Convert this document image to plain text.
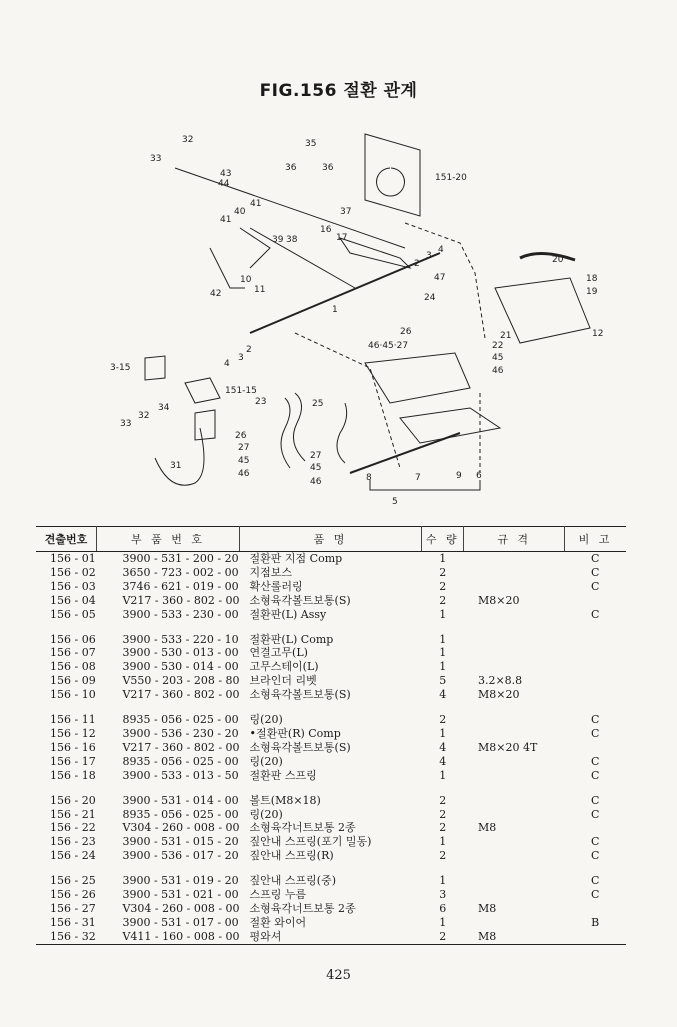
FIG.156 절환 관계
32
33
35
36	36
43
44
151-20
37
40
41
41
39 38
16
17
2
3
4
47
20
18
19
42
10
11
1
24
12
26	21
22
46·45·27
45
46
4
3
2
3-15
151-15
34
32
33
23	25
26
27
45
46
27
45
46
31
8	7	9 6
5
견출번호	부 품 번 호	품 명	수 량	규 격	비 고
156 - 01	3900 - 531 - 200 - 20	절환판 지점 Comp	1		C
156 - 02	3650 - 723 - 002 - 00	지점보스	2		C
156 - 03	3746 - 621 - 019 - 00	확산롤러링	2		C
156 - 04	V217 - 360 - 802 - 00	소형육각볼트보통(S)	2	M8×20	
156 - 05	3900 - 533 - 230 - 00	절환판(L) Assy	1		C

156 - 06	3900 - 533 - 220 - 10	절환판(L) Comp	1		
156 - 07	3900 - 530 - 013 - 00	연결고무(L)	1		
156 - 08	3900 - 530 - 014 - 00	고무스테이(L)	1		
156 - 09	V550 - 203 - 208 - 80	브라인더 리벳	5	3.2×8.8	
156 - 10	V217 - 360 - 802 - 00	소형육각볼트보통(S)	4	M8×20	

156 - 11	8935 - 056 - 025 - 00	링(20)	2		C
156 - 12	3900 - 536 - 230 - 20	•절환판(R) Comp	1		C
156 - 16	V217 - 360 - 802 - 00	소형육각볼트보통(S)	4	M8×20 4T	
156 - 17	8935 - 056 - 025 - 00	링(20)	4		C
156 - 18	3900 - 533 - 013 - 50	절환판 스프링	1		C

156 - 20	3900 - 531 - 014 - 00	볼트(M8×18)	2		C
156 - 21	8935 - 056 - 025 - 00	링(20)	2		C
156 - 22	V304 - 260 - 008 - 00	소형육각너트보통 2종	2	M8	
156 - 23	3900 - 531 - 015 - 20	짚안내 스프링(포기 밀동)	1		C
156 - 24	3900 - 536 - 017 - 20	짚안내 스프링(R)	2		C

156 - 25	3900 - 531 - 019 - 20	짚안내 스프링(중)	1		C
156 - 26	3900 - 531 - 021 - 00	스프링 누름	3		C
156 - 27	V304 - 260 - 008 - 00	소형육각너트보통 2종	6	M8	
156 - 31	3900 - 531 - 017 - 00	절환 와이어	1		B
156 - 32	V411 - 160 - 008 - 00	평와셔	2	M8	
425
